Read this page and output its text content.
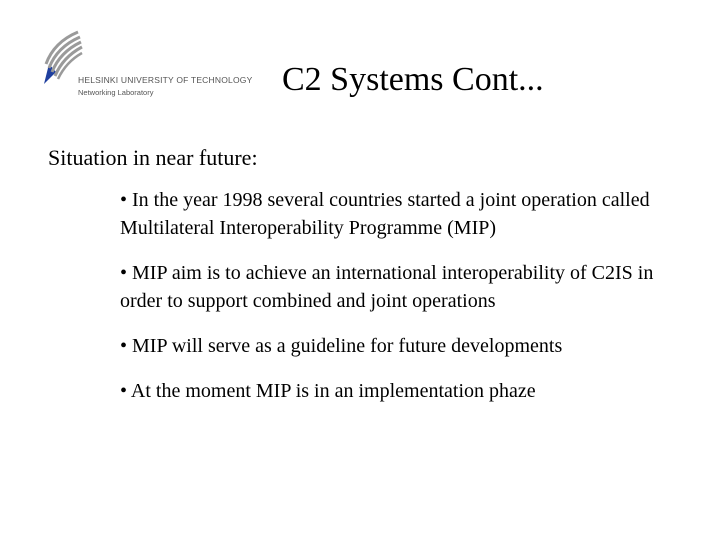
HELSINKI UNIVERSITY OF TECHNOLOGY
Networking Laboratory	C2 Systems Cont...
Situation in near future:
• In the year 1998 several countries started a joint operation called Multilateral Interoperability Programme (MIP)
• MIP aim is to achieve an international interoperability of C2IS in order to support combined and joint operations
• MIP will serve as a guideline for future developments
• At the moment MIP is in an implementation phaze
